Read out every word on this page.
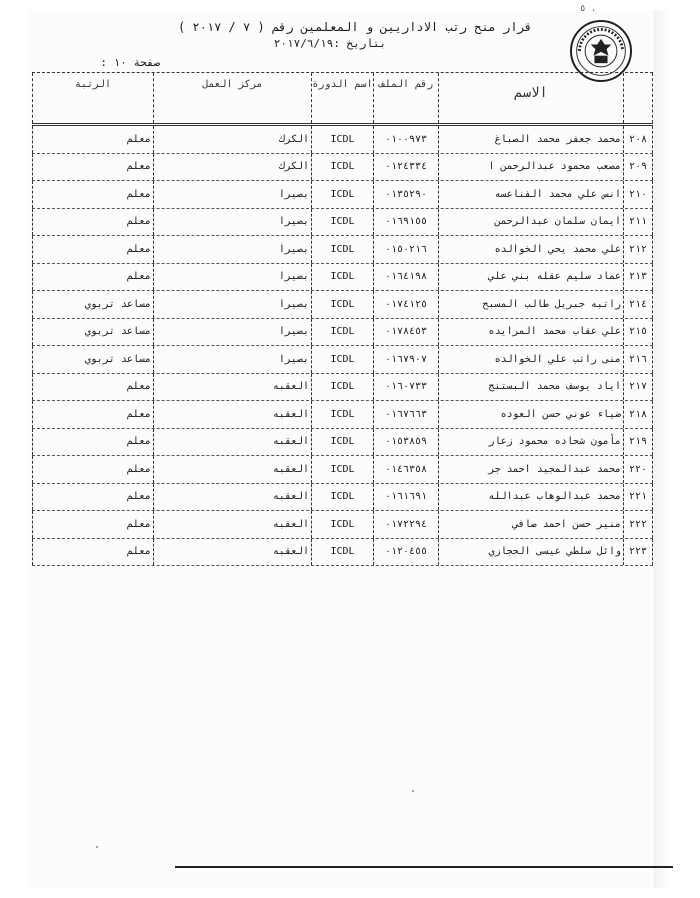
٥ .
قرار منح رتب الاداريين و المعلمين رقم ( ٧ / ٢٠١٧ )
بتاريخ :٢٠١٧/٦/١٩
صفحة ١٠ :
الاسم
رقم الملف
اسم الدورة
مركز العمل
الرتبة
٢٠٨
محمد جعفر محمد الصباغ
٠١٠٠٩٧٣
ICDL
الكرك
معلم
٢٠٩
مصعب محمود عبدالرحمن ا
٠١٢٤٣٣٤
ICDL
الكرك
معلم
٢١٠
انس علي محمد الفناعسه
٠١٣٥٢٩٠
ICDL
بصيرا
معلم
٢١١
ايمان سلمان عبدالرحمن
٠١٦٩١٥٥
ICDL
بصيرا
معلم
٢١٢
علي محمد يحي الخوالده
٠١٥٠٢١٦
ICDL
بصيرا
معلم
٢١٣
عماد سليم عقله بني علي
٠١٦٤١٩٨
ICDL
بصيرا
معلم
٢١٤
راتبه جبريل طالب المسبح
٠١٧٤١٢٥
ICDL
بصيرا
مساعد تربوي
٢١٥
علي عقاب محمد المرايده
٠١٧٨٤٥٣
ICDL
بصيرا
مساعد تربوي
٢١٦
منى راتب علي الخوالده
٠١٦٧٩٠٧
ICDL
بصيرا
مساعد تربوي
٢١٧
اياد يوسف محمد البستنج
٠١٦٠٧٣٣
ICDL
العقبه
معلم
٢١٨
ضياء عوني حسن العوده
٠١٦٧٦٦٣
ICDL
العقبه
معلم
٢١٩
مأمون شحاده محمود زعار
٠١٥٣٨٥٩
ICDL
العقبه
معلم
٢٢٠
محمد عبدالمجيد احمد جر
٠١٤٦٣٥٨
ICDL
العقبه
معلم
٢٢١
محمد عبدالوهاب عبدالله
٠١٦١٦٩١
ICDL
العقبه
معلم
٢٢٢
منير حسن احمد صافي
٠١٧٢٢٩٤
ICDL
العقبه
معلم
٢٢٣
وائل سلطي عيسى الحجازي
٠١٢٠٤٥٥
ICDL
العقبه
معلم
